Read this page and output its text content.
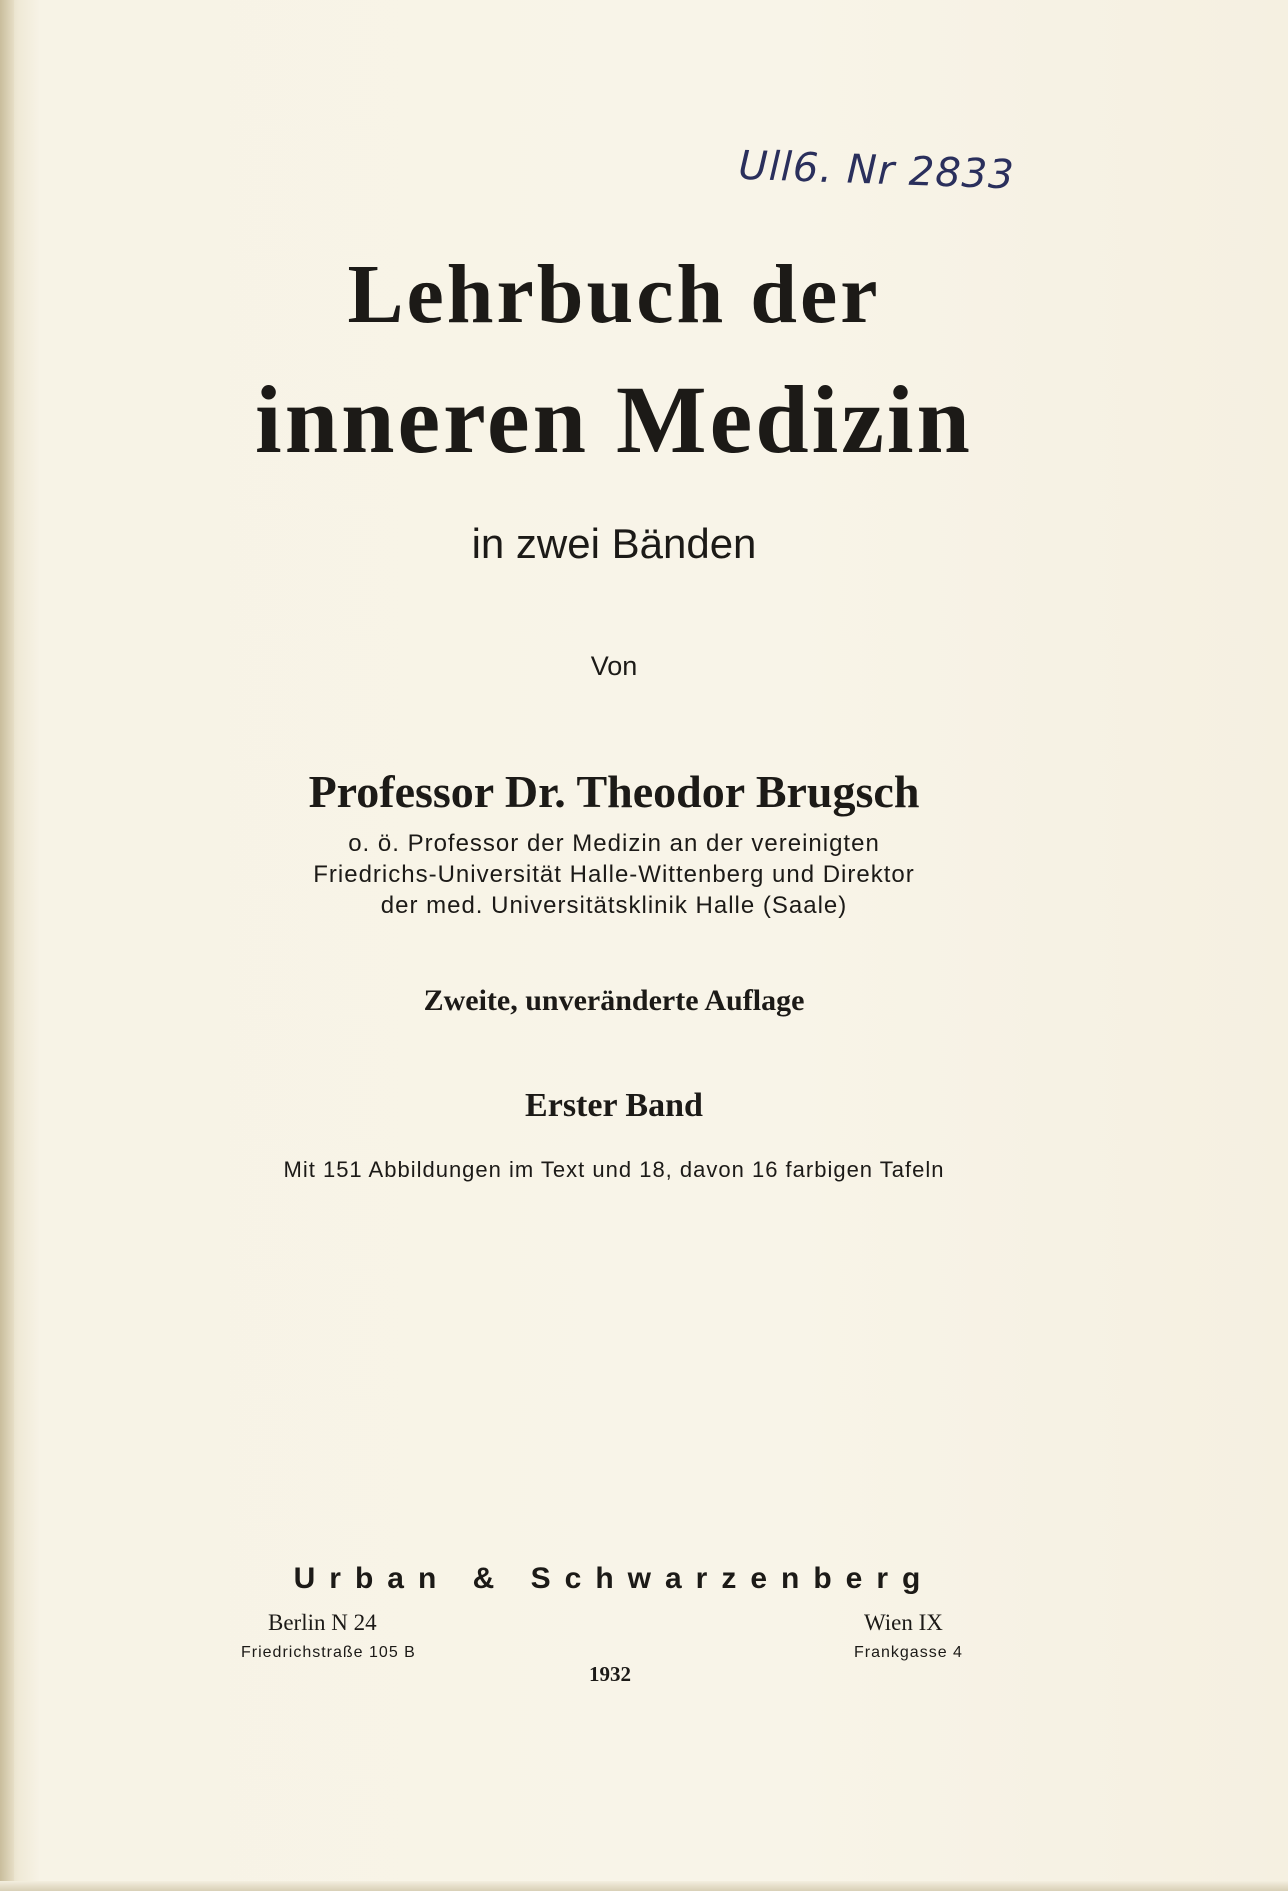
Ull6. Nr 2833
Lehrbuch der
inneren Medizin
in zwei Bänden
Von
Professor Dr. Theodor Brugsch
o. ö. Professor der Medizin an der vereinigten
Friedrichs-Universität Halle-Wittenberg und Direktor
der med. Universitätsklinik Halle (Saale)
Zweite, unveränderte Auflage
Erster Band
Mit 151 Abbildungen im Text und 18, davon 16 farbigen Tafeln
Urban & Schwarzenberg
Berlin N 24
Friedrichstraße 105 B
Wien IX
Frankgasse 4
1932
